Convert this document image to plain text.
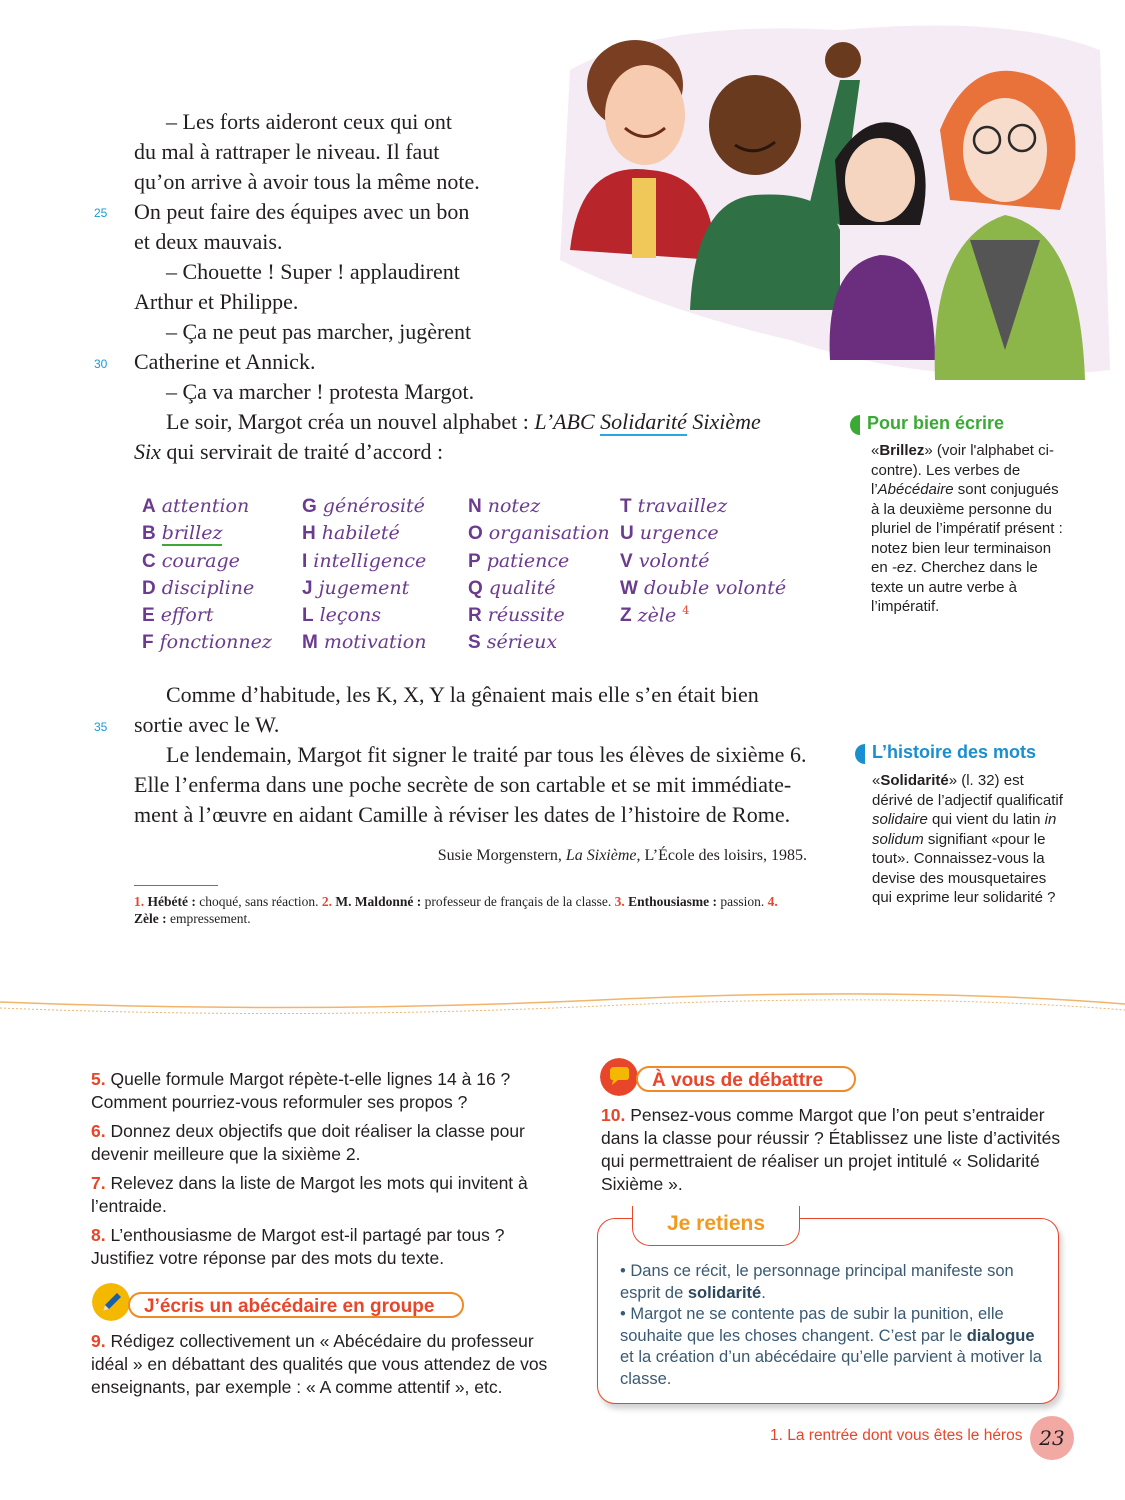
– Les forts aideront ceux qui ont
du mal à rattraper le niveau. Il faut
qu’on arrive à avoir tous la même note.
On peut faire des équipes avec un bon
et deux mauvais.
– Chouette ! Super ! applaudirent
Arthur et Philippe.
– Ça ne peut pas marcher, jugèrent
Catherine et Annick.
– Ça va marcher ! protesta Margot.
Le soir, Margot créa un nouvel alphabet : L’ABC Solidarité Sixième
Six qui servirait de traité d’accord :
Comme d’habitude, les K, X, Y la gênaient mais elle s’en était bien
sortie avec le W.
Le lendemain, Margot fit signer le traité par tous les élèves de sixième 6.
Elle l’enferma dans une poche secrète de son cartable et se mit immédiate-
ment à l’œuvre en aidant Camille à réviser les dates de l’histoire de Rome.
25
30
35
A attention
B brillez
C courage
D discipline
E effort
F fonctionnez
G générosité
H habileté
I intelligence
J jugement
L leçons
M motivation
N notez
O organisation
P patience
Q qualité
R réussite
S sérieux
T travaillez
U urgence
V volonté
W double volonté
Z zèle $^4$
Susie Morgenstern, La Sixième, L’École des loisirs, 1985.
1. Hébété : choqué, sans réaction. 2. M. Maldonné : professeur de français de la classe. 3. Enthousiasme : passion. 4. Zèle : empressement.
Pour bien écrire
«Brillez» (voir l'alphabet ci-contre). Les verbes de l’Abécédaire sont conjugués à la deuxième personne du pluriel de l’impératif présent : notez bien leur terminaison en -ez. Cherchez dans le texte un autre verbe à l’impératif.
L’histoire des mots
«Solidarité» (l. 32) est dérivé de l’adjectif qualificatif solidaire qui vient du latin in solidum signifiant «pour le tout». Connaissez-vous la devise des mousquetaires qui exprime leur solidarité ?
5. Quelle formule Margot répète-t-elle lignes 14 à 16 ? Comment pourriez-vous reformuler ses propos ?
6. Donnez deux objectifs que doit réaliser la classe pour devenir meilleure que la sixième 2.
7. Relevez dans la liste de Margot les mots qui invitent à l’entraide.
8. L’enthousiasme de Margot est-il partagé par tous ? Justifiez votre réponse par des mots du texte.
J’écris un abécédaire en groupe
9. Rédigez collectivement un « Abécédaire du professeur idéal » en débattant des qualités que vous attendez de vos enseignants, par exemple : « A comme attentif », etc.
À vous de débattre
10. Pensez-vous comme Margot que l’on peut s’entraider dans la classe pour réussir ? Établissez une liste d’activités qui permettraient de réaliser un projet intitulé « Solidarité Sixième ».
Je retiens
• Dans ce récit, le personnage principal manifeste son esprit de solidarité.
• Margot ne se contente pas de subir la punition, elle souhaite que les choses changent. C’est par le dialogue et la création d’un abécédaire qu’elle parvient à motiver la classe.
1. La rentrée dont vous êtes le héros 23
